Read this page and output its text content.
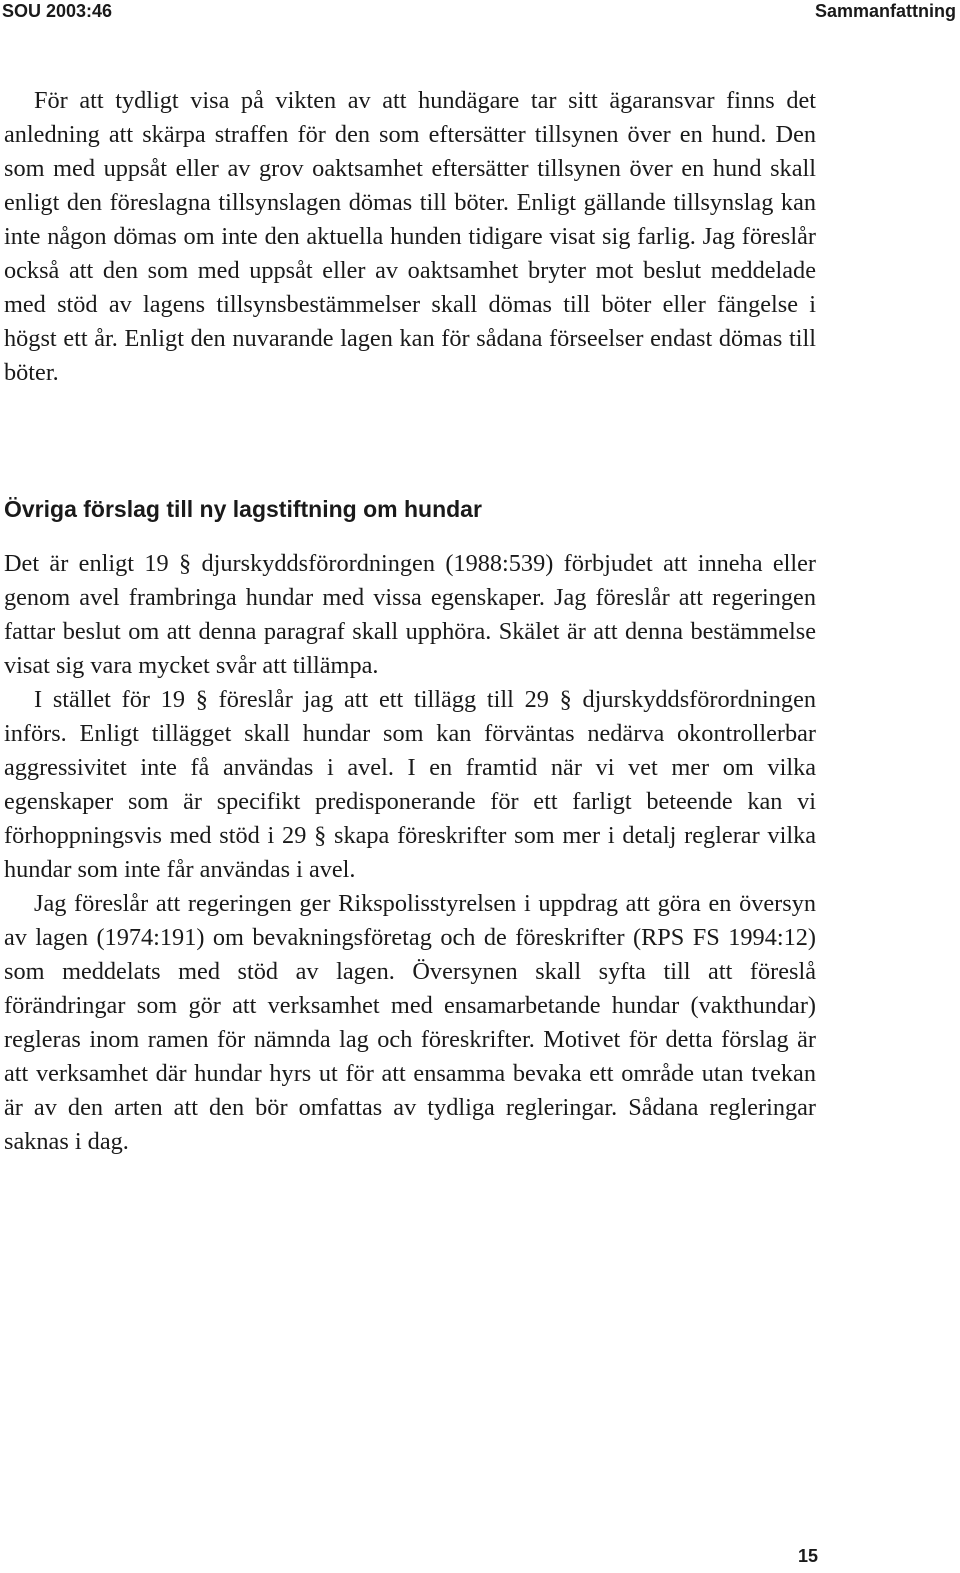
SOU 2003:46	Sammanfattning

För att tydligt visa på vikten av att hundägare tar sitt ägaransvar finns det anledning att skärpa straffen för den som eftersätter tillsynen över en hund. Den som med uppsåt eller av grov oaktsamhet eftersätter tillsynen över en hund skall enligt den föreslagna tillsynslagen dömas till böter. Enligt gällande tillsynslag kan inte någon dömas om inte den aktuella hunden tidigare visat sig farlig. Jag föreslår också att den som med uppsåt eller av oaktsamhet bryter mot beslut meddelade med stöd av lagens tillsynsbestämmelser skall dömas till böter eller fängelse i högst ett år. Enligt den nuvarande lagen kan för sådana förseelser endast dömas till böter.

Övriga förslag till ny lagstiftning om hundar

Det är enligt 19 § djurskyddsförordningen (1988:539) förbjudet att inneha eller genom avel frambringa hundar med vissa egenskaper. Jag föreslår att regeringen fattar beslut om att denna paragraf skall upphöra. Skälet är att denna bestämmelse visat sig vara mycket svår att tillämpa.

I stället för 19 § föreslår jag att ett tillägg till 29 § djurskyddsförordningen införs. Enligt tillägget skall hundar som kan förväntas nedärva okontrollerbar aggressivitet inte få användas i avel. I en framtid när vi vet mer om vilka egenskaper som är specifikt predisponerande för ett farligt beteende kan vi förhoppningsvis med stöd i 29 § skapa föreskrifter som mer i detalj reglerar vilka hundar som inte får användas i avel.

Jag föreslår att regeringen ger Rikspolisstyrelsen i uppdrag att göra en översyn av lagen (1974:191) om bevakningsföretag och de föreskrifter (RPS FS 1994:12) som meddelats med stöd av lagen. Översynen skall syfta till att föreslå förändringar som gör att verksamhet med ensamarbetande hundar (vakthundar) regleras inom ramen för nämnda lag och föreskrifter. Motivet för detta förslag är att verksamhet där hundar hyrs ut för att ensamma bevaka ett område utan tvekan är av den arten att den bör omfattas av tydliga regleringar. Sådana regleringar saknas i dag.

15
